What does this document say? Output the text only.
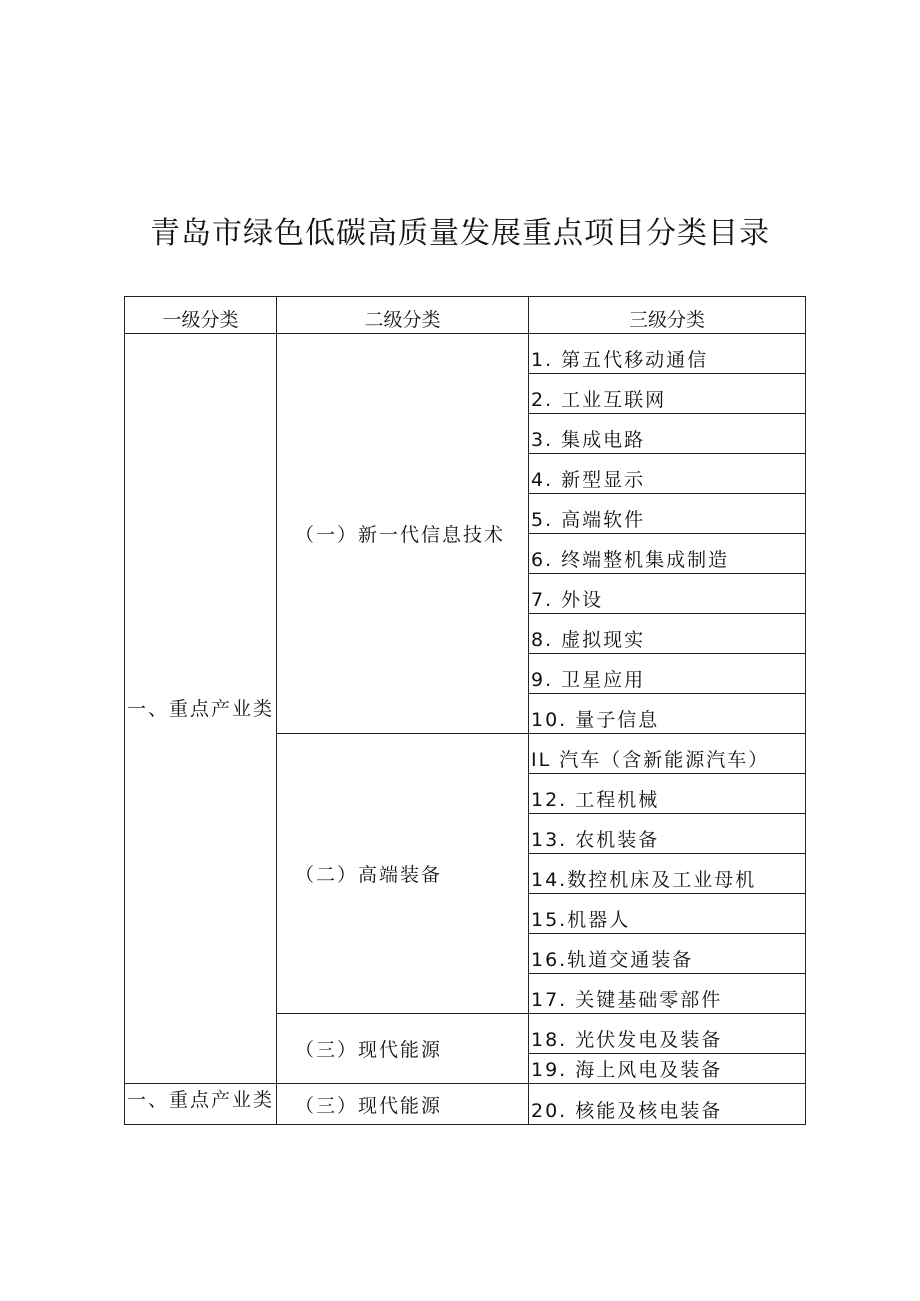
青岛市绿色低碳高质量发展重点项目分类目录
一级分类	二级分类	三级分类
一、重点产业类	（一）新一代信息技术	1. 第五代移动通信
		2. 工业互联网
		3. 集成电路
		4. 新型显示
		5. 高端软件
		6. 终端整机集成制造
		7. 外设
		8. 虚拟现实
		9. 卫星应用
		10. 量子信息
	（二）高端装备	IL 汽车（含新能源汽车）
		12. 工程机械
		13. 农机装备
		14.数控机床及工业母机
		15.机器人
		16.轨道交通装备
		17. 关键基础零部件
	（三）现代能源	18. 光伏发电及装备
		19. 海上风电及装备

一、重点产业类	（三）现代能源	20. 核能及核电装备
